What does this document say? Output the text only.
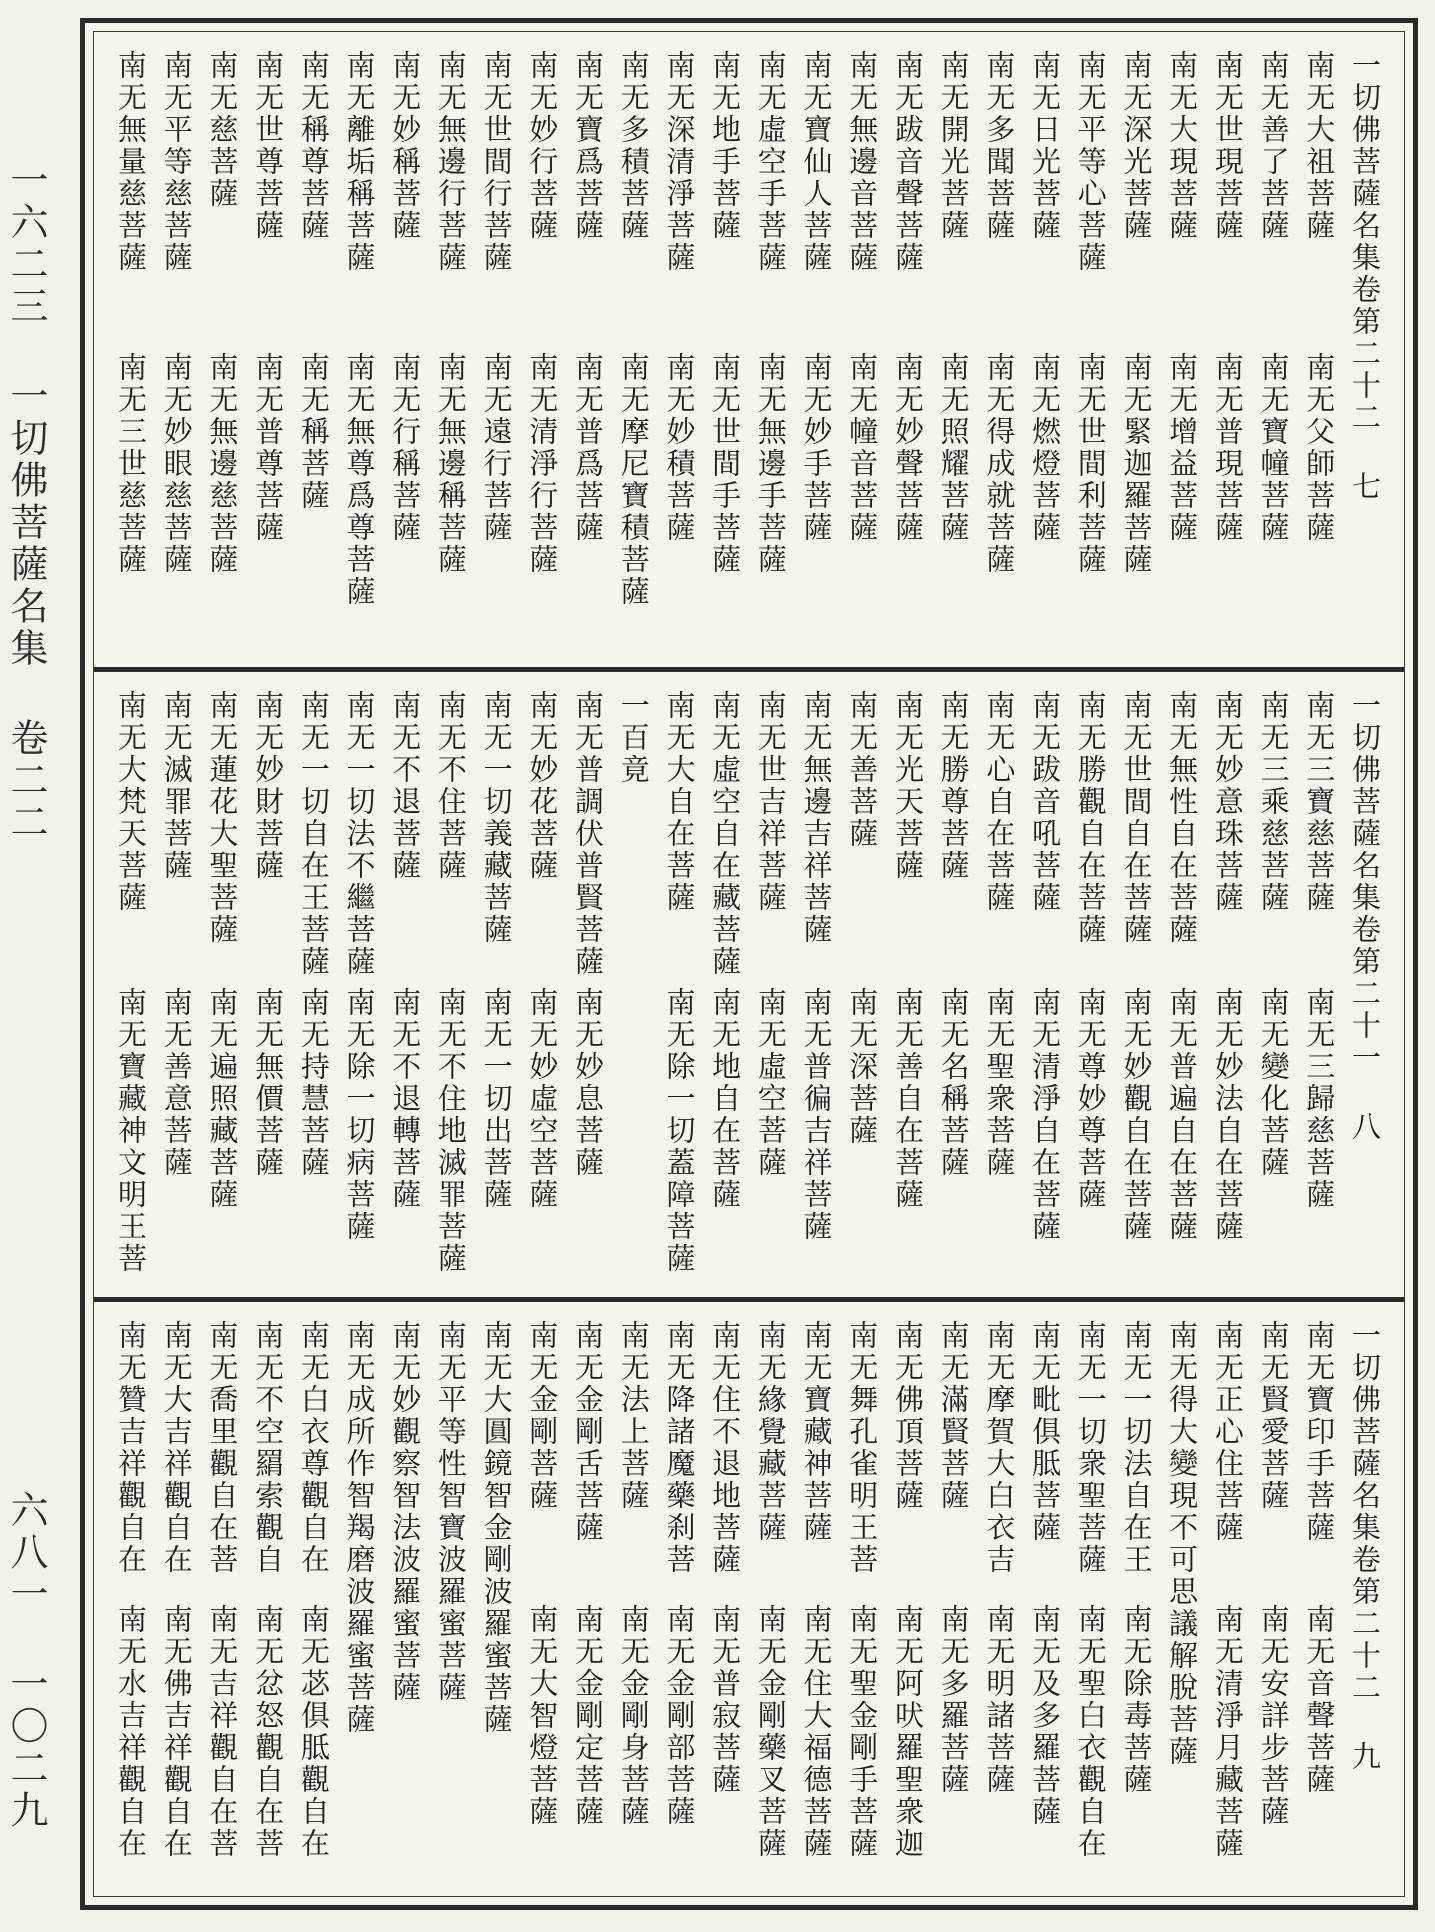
一六二三 一切佛菩薩名集 卷二二
六八一 一〇二九
一切佛菩薩名集卷第二十二 七
南无大祖菩薩
南无父師菩薩
南无善了菩薩
南无寶幢菩薩
南无世現菩薩
南无普現菩薩
南无大現菩薩
南无增益菩薩
南无深光菩薩
南无緊迦羅菩薩
南无平等心菩薩
南无世間利菩薩
南无日光菩薩
南无燃燈菩薩
南无多聞菩薩
南无得成就菩薩
南无開光菩薩
南无照耀菩薩
南无跋音聲菩薩
南无妙聲菩薩
南无無邊音菩薩
南无幢音菩薩
南无寶仙人菩薩
南无妙手菩薩
南无虛空手菩薩
南无無邊手菩薩
南无地手菩薩
南无世間手菩薩
南无深清淨菩薩
南无妙積菩薩
南无多積菩薩
南无摩尼寶積菩薩
南无寶爲菩薩
南无普爲菩薩
南无妙行菩薩
南无清淨行菩薩
南无世間行菩薩
南无遠行菩薩
南无無邊行菩薩
南无無邊稱菩薩
南无妙稱菩薩
南无行稱菩薩
南无離垢稱菩薩
南无無尊爲尊菩薩
南无稱尊菩薩
南无稱菩薩
南无世尊菩薩
南无普尊菩薩
南无慈菩薩
南无無邊慈菩薩
南无平等慈菩薩
南无妙眼慈菩薩
南无無量慈菩薩
南无三世慈菩薩
一切佛菩薩名集卷第二十一 八
南无三寶慈菩薩
南无三歸慈菩薩
南无三乘慈菩薩
南无變化菩薩
南无妙意珠菩薩
南无妙法自在菩薩
南无無性自在菩薩
南无普遍自在菩薩
南无世間自在菩薩
南无妙觀自在菩薩
南无勝觀自在菩薩
南无尊妙尊菩薩
南无跋音吼菩薩
南无清淨自在菩薩
南无心自在菩薩
南无聖衆菩薩
南无勝尊菩薩
南无名稱菩薩
南无光天菩薩
南无善自在菩薩
南无善菩薩
南无深菩薩
南无無邊吉祥菩薩
南无普徧吉祥菩薩
南无世吉祥菩薩
南无虛空菩薩
南无虛空自在藏菩薩
南无地自在菩薩
南无大自在菩薩
南无除一切蓋障菩薩
一百竟
南无普調伏普賢菩薩
南无妙息菩薩
南无妙花菩薩
南无妙虛空菩薩
南无一切義藏菩薩
南无一切出菩薩
南无不住菩薩
南无不住地滅罪菩薩
南无不退菩薩
南无不退轉菩薩
南无一切法不繼菩薩
南无除一切病菩薩
南无一切自在王菩薩
南无持慧菩薩
南无妙財菩薩
南无無價菩薩
南无蓮花大聖菩薩
南无遍照藏菩薩
南无滅罪菩薩
南无善意菩薩
南无大梵天菩薩
南无寶藏神文明王菩
一切佛菩薩名集卷第二十二 九
南无寶印手菩薩
南无音聲菩薩
南无賢愛菩薩
南无安詳步菩薩
南无正心住菩薩
南无清淨月藏菩薩
南无得大變現不可思議解脫菩薩
南无一切法自在王
南无除毒菩薩
南无一切衆聖菩薩
南无聖白衣觀自在
南无毗俱胝菩薩
南无及多羅菩薩
南无摩賀大白衣吉
南无明諸菩薩
南无滿賢菩薩
南无多羅菩薩
南无佛頂菩薩
南无阿吠羅聖衆迦
南无舞孔雀明王菩
南无聖金剛手菩薩
南无寶藏神菩薩
南无住大福德菩薩
南无緣覺藏菩薩
南无金剛藥叉菩薩
南无住不退地菩薩
南无普寂菩薩
南无降諸魔藥刹菩
南无金剛部菩薩
南无法上菩薩
南无金剛身菩薩
南无金剛舌菩薩
南无金剛定菩薩
南无金剛菩薩
南无大智燈菩薩
南无大圓鏡智金剛波羅蜜菩薩
南无平等性智寶波羅蜜菩薩
南无妙觀察智法波羅蜜菩薩
南无成所作智羯磨波羅蜜菩薩
南无白衣尊觀自在
南无苾俱胝觀自在
南无不空羂索觀自
南无忿怒觀自在菩
南无喬里觀自在菩
南无吉祥觀自在菩
南无大吉祥觀自在
南无佛吉祥觀自在
南无贊吉祥觀自在
南无水吉祥觀自在
